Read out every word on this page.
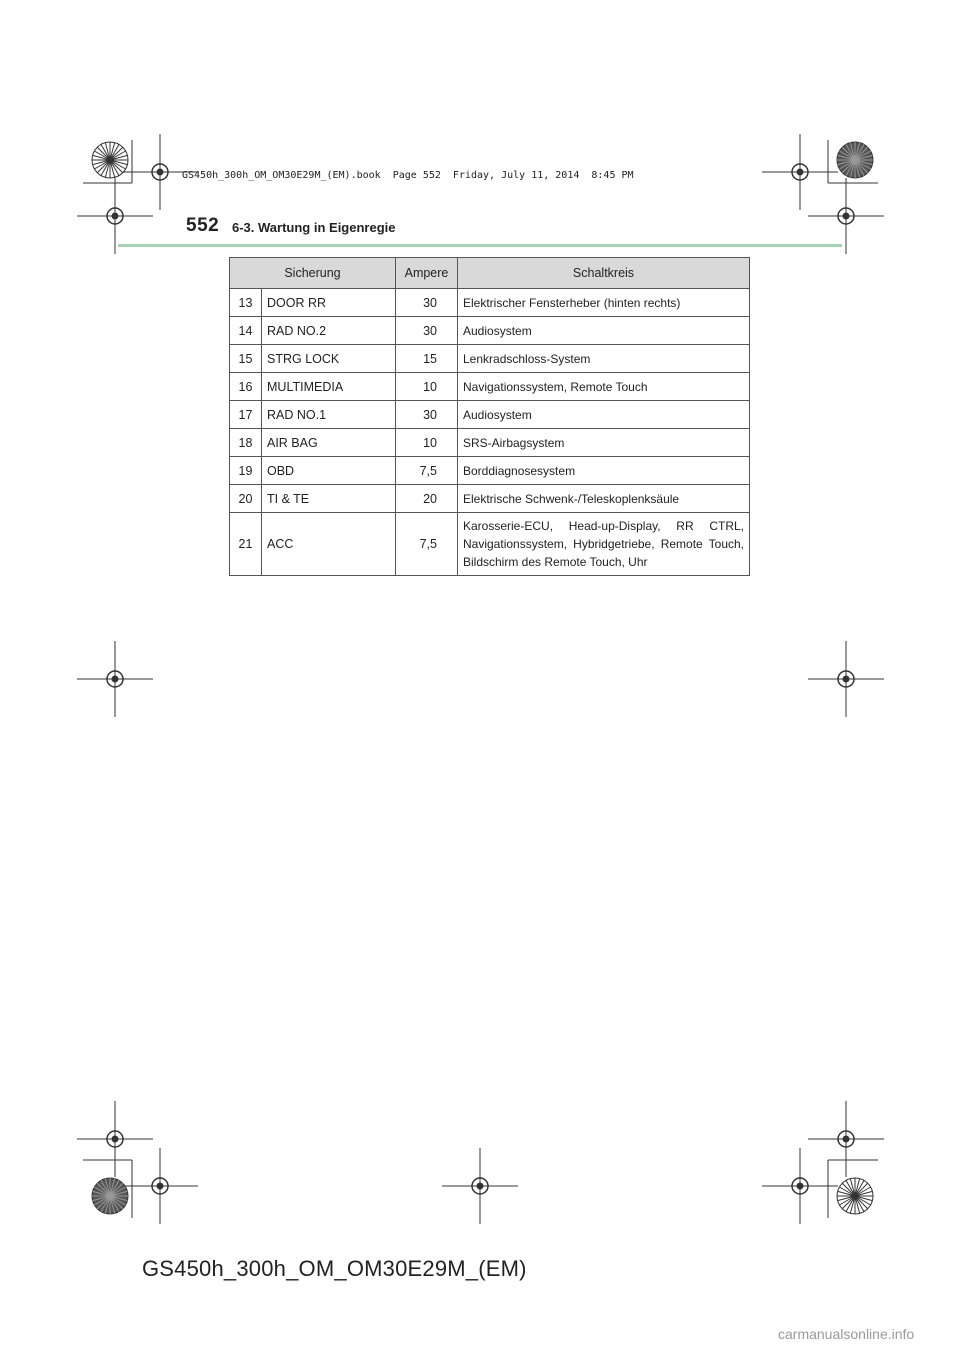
GS450h_300h_OM_OM30E29M_(EM).book  Page 552  Friday, July 11, 2014  8:45 PM
552 6-3. Wartung in Eigenregie
Sicherung		Ampere	Schaltkreis
13	DOOR RR	30	Elektrischer Fensterheber (hinten rechts)
14	RAD NO.2	30	Audiosystem
15	STRG LOCK	15	Lenkradschloss-System
16	MULTIMEDIA	10	Navigationssystem, Remote Touch
17	RAD NO.1	30	Audiosystem
18	AIR BAG	10	SRS-Airbagsystem
19	OBD	7,5	Borddiagnosesystem
20	TI & TE	20	Elektrische Schwenk-/Teleskoplenksäule
21	ACC	7,5	Karosserie-ECU, Head-up-Display, RR CTRL, Navigationssystem, Hybridgetriebe, Remote Touch, Bildschirm des Remote Touch, Uhr
GS450h_300h_OM_OM30E29M_(EM)
carmanualsonline.info
